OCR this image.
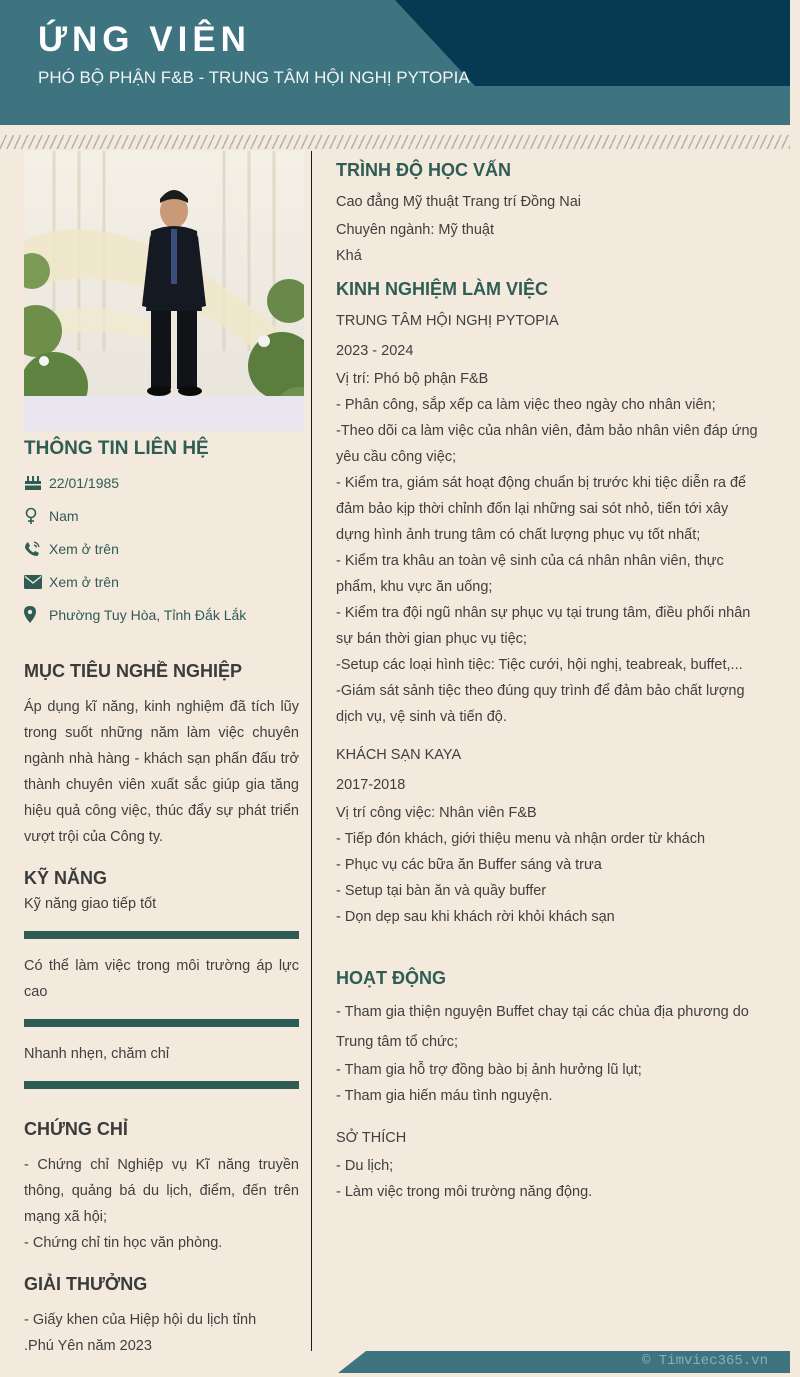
ỨNG VIÊN
PHÓ BỘ PHẬN F&B - TRUNG TÂM HỘI NGHỊ PYTOPIA
THÔNG TIN LIÊN HỆ
22/01/1985
Nam
Xem ở trên
Xem ở trên
Phường Tuy Hòa, Tỉnh Đắk Lắk
MỤC TIÊU NGHỀ NGHIỆP

Áp dụng kĩ năng, kinh nghiệm đã tích lũy trong suốt những năm làm việc chuyên ngành nhà hàng - khách sạn phấn đấu trở thành chuyên viên xuất sắc giúp gia tăng hiệu quả công việc, thúc đẩy sự phát triển vượt trội của Công ty.

KỸ NĂNG
Kỹ năng giao tiếp tốt
Có thể làm việc trong môi trường áp lực cao
Nhanh nhẹn, chăm chỉ
CHỨNG CHỈ

- Chứng chỉ Nghiệp vụ Kĩ năng truyền thông, quảng bá du lịch, điểm, đến trên mạng xã hội;

- Chứng chỉ tin học văn phòng.

GIẢI THƯỞNG

- Giấy khen của Hiệp hội du lịch tỉnh .Phú Yên năm 2023

TRÌNH ĐỘ HỌC VẤN
Cao đẳng Mỹ thuật Trang trí Đồng Nai
Chuyên ngành: Mỹ thuật
Khá
KINH NGHIỆM LÀM VIỆC
TRUNG TÂM HỘI NGHỊ PYTOPIA
2023 - 2024
Vị trí: Phó bộ phận F&B
- Phân công, sắp xếp ca làm việc theo ngày cho nhân viên;
-Theo dõi ca làm việc của nhân viên, đảm bảo nhân viên đáp ứng yêu cầu công việc;
- Kiểm tra, giám sát hoạt động chuẩn bị trước khi tiệc diễn ra để đảm bảo kịp thời chỉnh đốn lại những sai sót nhỏ, tiến tới xây dựng hình ảnh trung tâm có chất lượng phục vụ tốt nhất;
- Kiểm tra khâu an toàn vệ sinh của cá nhân nhân viên, thực phẩm, khu vực ăn uống;
- Kiểm tra đội ngũ nhân sự phục vụ tại trung tâm, điều phối nhân sự bán thời gian phục vụ tiệc;
-Setup các loại hình tiệc: Tiệc cưới, hội nghị, teabreak, buffet,...
-Giám sát sảnh tiệc theo đúng quy trình để đảm bảo chất lượng dịch vụ, vệ sinh và tiến độ.
KHÁCH SẠN KAYA
2017-2018
Vị trí công việc: Nhân viên F&B
- Tiếp đón khách, giới thiệu menu và nhận order từ khách
- Phục vụ các bữa ăn Buffer sáng và trưa
- Setup tại bàn ăn và quầy buffer
- Dọn dẹp sau khi khách rời khỏi khách sạn
HOẠT ĐỘNG
- Tham gia thiện nguyện Buffet chay tại các chùa địa phương do Trung tâm tổ chức;
- Tham gia hỗ trợ đồng bào bị ảnh hưởng lũ lụt;
- Tham gia hiến máu tình nguyện.
SỞ THÍCH
- Du lịch;
- Làm việc trong môi trường năng động.
© Timviec365.vn
